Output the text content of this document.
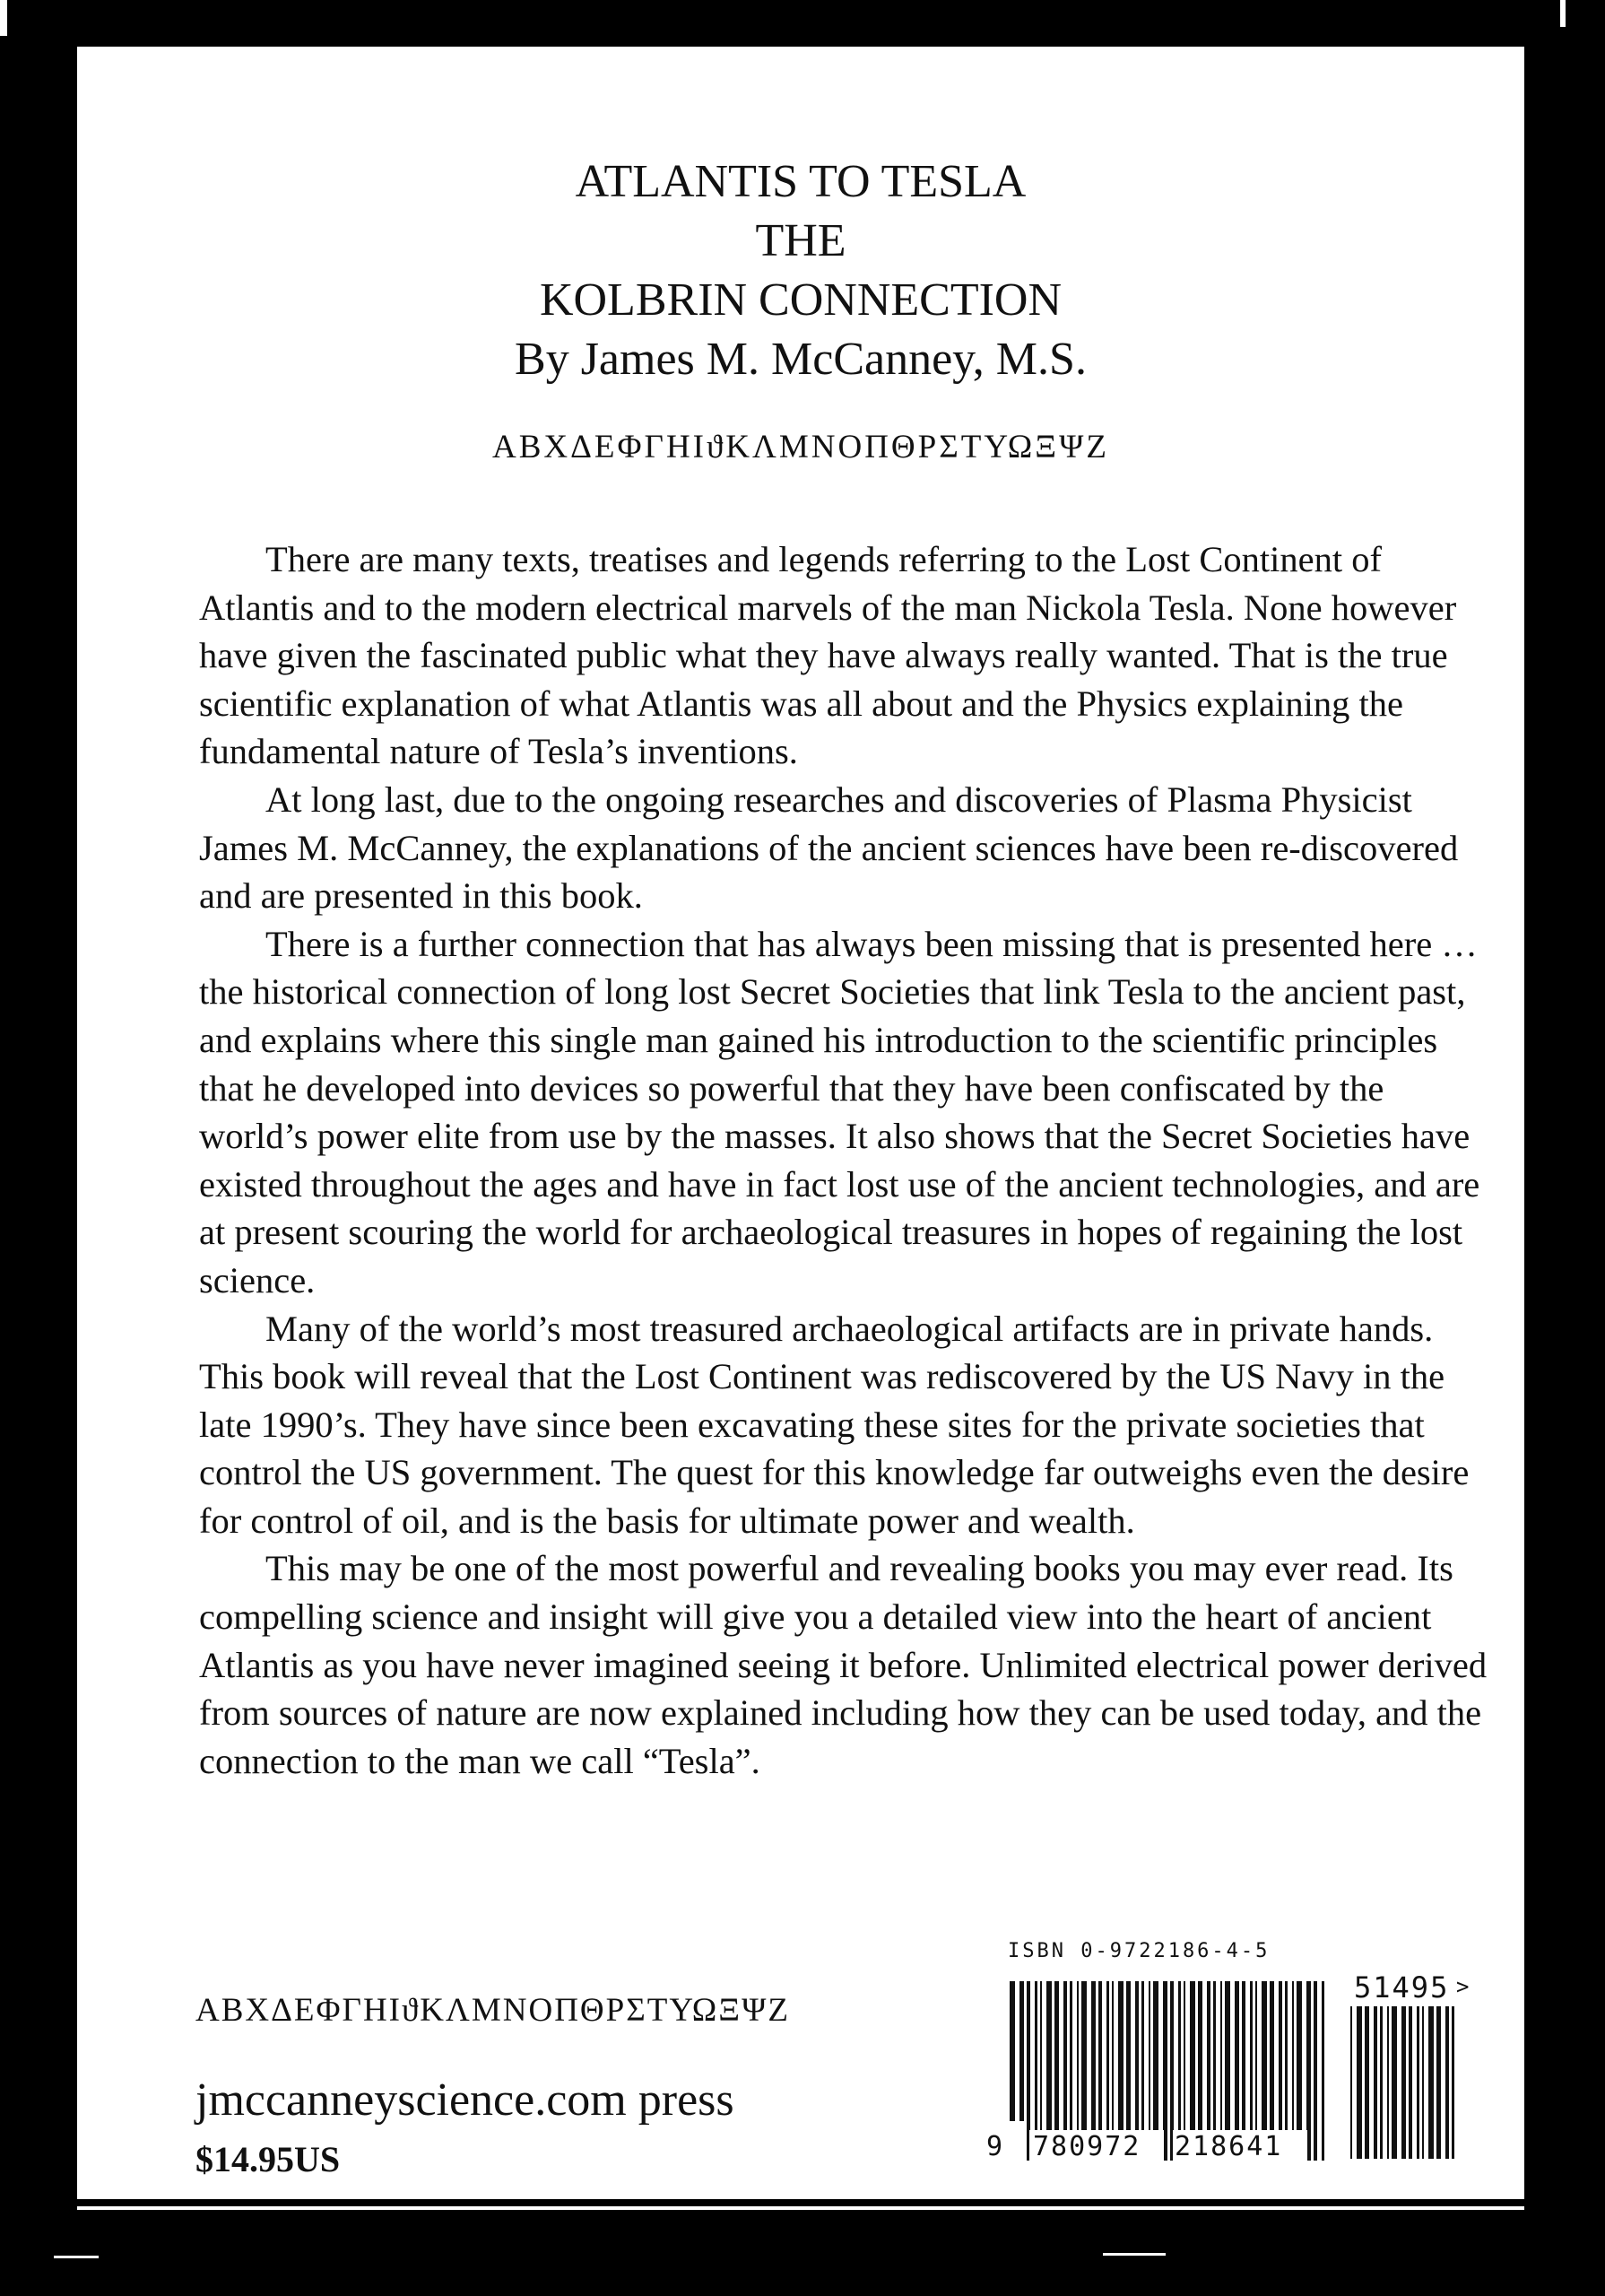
ATLANTIS TO TESLA
THE
KOLBRIN CONNECTION
By James M. McCanney, M.S.
ΑΒΧΔΕΦΓΗΙϑΚΛΜΝΟΠΘΡΣΤΥΩΞΨΖ

There are many texts, treatises and legends referring to the Lost Continent of Atlantis and to the modern electrical marvels of the man Nickola Tesla. None however have given the fascinated public what they have always really wanted. That is the true scientific explanation of what Atlantis was all about and the Physics explaining the fundamental nature of Tesla’s inventions.

At long last, due to the ongoing researches and discoveries of Plasma Physicist James M. McCanney, the explanations of the ancient sciences have been re-discovered and are presented in this book.

There is a further connection that has always been missing that is presented here … the historical connection of long lost Secret Societies that link Tesla to the ancient past, and explains where this single man gained his introduction to the scientific principles that he developed into devices so powerful that they have been confiscated by the world’s power elite from use by the masses. It also shows that the Secret Societies have existed throughout the ages and have in fact lost use of the ancient technologies, and are at present scouring the world for archaeological treasures in hopes of regaining the lost science.

Many of the world’s most treasured archaeological artifacts are in private hands. This book will reveal that the Lost Continent was rediscovered by the US Navy in the late 1990’s. They have since been excavating these sites for the private societies that control the US government. The quest for this knowledge far outweighs even the desire for control of oil, and is the basis for ultimate power and wealth.

This may be one of the most powerful and revealing books you may ever read. Its compelling science and insight will give you a detailed view into the heart of ancient Atlantis as you have never imagined seeing it before. Unlimited electrical power derived from sources of nature are now explained including how they can be used today, and the connection to the man we call “Tesla”.

ΑΒΧΔΕΦΓΗΙϑΚΛΜΝΟΠΘΡΣΤΥΩΞΨΖ
jmccanneyscience.com press
$14.95US
ISBN 0-9722186-4-5
9 780972 218641
51495 >
